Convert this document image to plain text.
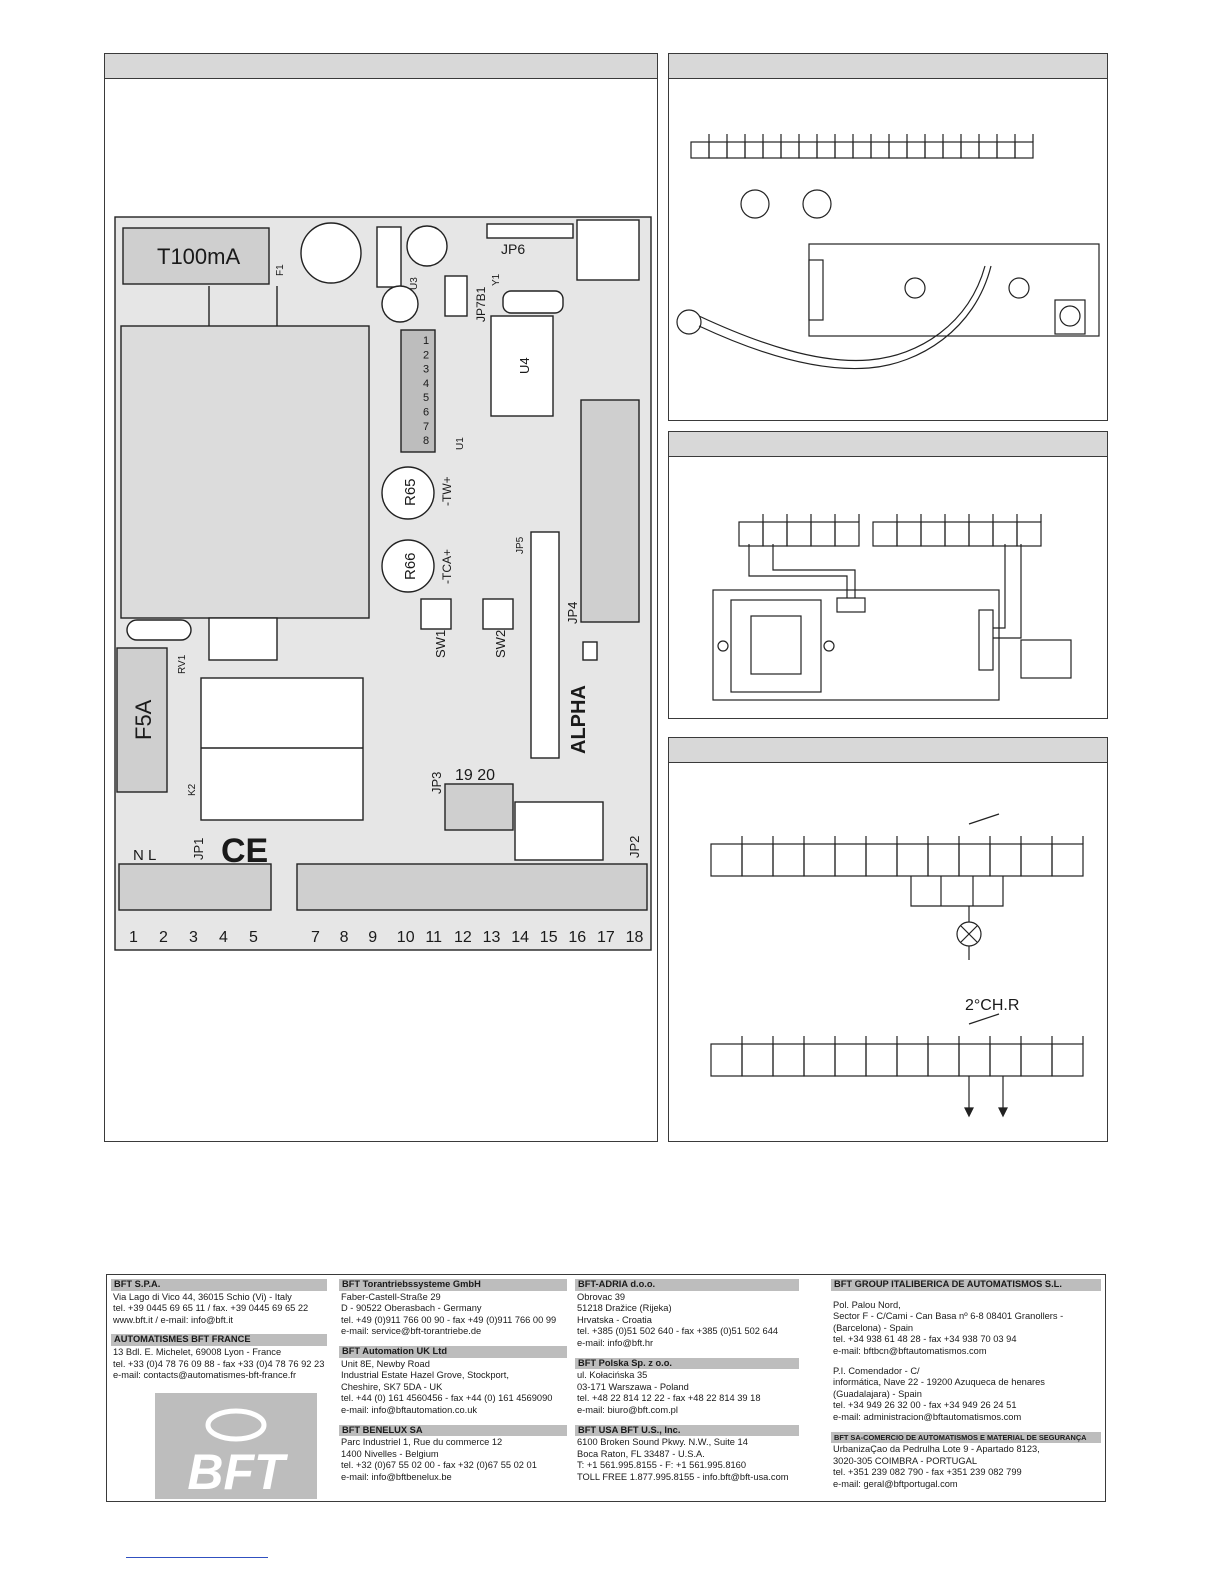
T100mA
F5A	ALPHA
JP6
U4
R65
R66
SW1	SW2
JP4
JP3 19 20
JP2
JP1
N L CE
RV1
K2
U1
JP5
F1
U3
JP7B1
Y1
-TW+
-TCA+
1
2
3
4
5
6
7
8
1 2 3 4 5	7 8 9 10 11 12 13 14 15 16 17 18
2°CH.R
BFT S.P.A.
Via Lago di Vico 44, 36015 Schio (Vi) - Italy
tel. +39 0445 69 65 11 / fax. +39 0445 69 65 22
www.bft.it / e-mail: info@bft.it
AUTOMATISMES BFT FRANCE
13 Bdl. E. Michelet, 69008 Lyon - France
tel. +33 (0)4 78 76 09 88 - fax +33 (0)4 78 76 92 23
e-mail: contacts@automatismes-bft-france.fr
BFT
BFT Torantriebssysteme GmbH
Faber-Castell-Straße 29
D - 90522 Oberasbach - Germany
tel. +49 (0)911 766 00 90 - fax +49 (0)911 766 00 99
e-mail: service@bft-torantriebe.de
BFT Automation UK Ltd
Unit 8E, Newby Road
Industrial Estate Hazel Grove, Stockport,
Cheshire, SK7 5DA - UK
tel. +44 (0) 161 4560456 - fax +44 (0) 161 4569090
e-mail: info@bftautomation.co.uk
BFT BENELUX SA
Parc Industriel 1, Rue du commerce 12
1400 Nivelles - Belgium
tel. +32 (0)67 55 02 00 - fax +32 (0)67 55 02 01
e-mail: info@bftbenelux.be
BFT-ADRIA d.o.o.
Obrovac 39
51218 Dražice (Rijeka)
Hrvatska - Croatia
tel. +385 (0)51 502 640 - fax +385 (0)51 502 644
e-mail: info@bft.hr
BFT Polska Sp. z o.o.
ul. Kołacińska 35
03-171 Warszawa - Poland
tel. +48 22 814 12 22 - fax +48 22 814 39 18
e-mail: biuro@bft.com.pl
BFT USA BFT U.S., Inc.
6100 Broken Sound Pkwy. N.W., Suite 14
Boca Raton, FL 33487 - U.S.A.
T: +1 561.995.8155 - F: +1 561.995.8160
TOLL FREE 1.877.995.8155 - info.bft@bft-usa.com
BFT GROUP ITALIBERICA DE AUTOMATISMOS S.L.
Pol. Palou Nord,
Sector F - C/Cami - Can Basa nº 6-8 08401 Granollers -
(Barcelona) - Spain
tel. +34 938 61 48 28 - fax +34 938 70 03 94
e-mail: bftbcn@bftautomatismos.com
P.I. Comendador - C/
informática, Nave 22 - 19200 Azuqueca de henares
(Guadalajara) - Spain
tel. +34 949 26 32 00 - fax +34 949 26 24 51
e-mail: administracion@bftautomatismos.com
BFT SA-COMERCIO DE AUTOMATISMOS E MATERIAL DE SEGURANÇA
UrbanizaÇao da Pedrulha Lote 9 - Apartado 8123,
3020-305 COIMBRA - PORTUGAL
tel. +351 239 082 790 - fax +351 239 082 799
e-mail: geral@bftportugal.com
